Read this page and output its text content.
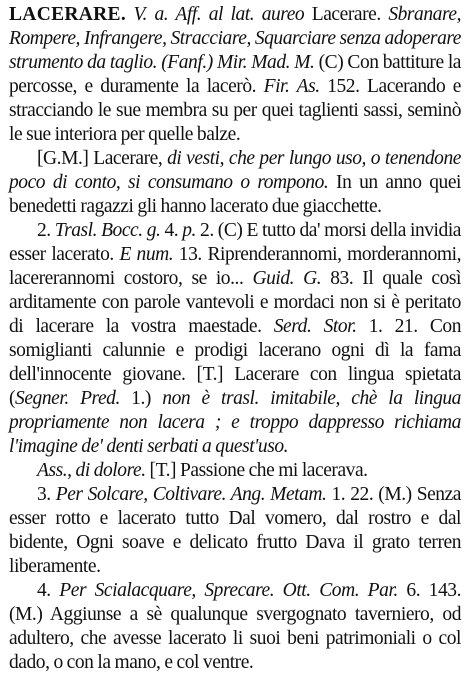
LACERARE. V. a. Aff. al lat. aureo Lacerare. Sbranare, Rompere, Infrangere, Stracciare, Squarciare senza adoperare strumento da taglio. (Fanf.) Mir. Mad. M. (C) Con battiture la percosse, e duramente la lacerò. Fir. As. 152. Lacerando e stracciando le sue membra su per quei taglienti sassi, seminò le sue interiora per quelle balze.

[G.M.] Lacerare, di vesti, che per lungo uso, o tenendone poco di conto, si consumano o rompono. In un anno quei benedetti ragazzi gli hanno lacerato due giacchette.

2. Trasl. Bocc. g. 4. p. 2. (C) E tutto da' morsi della invidia esser lacerato. E num. 13. Riprenderannomi, morderannomi, lacererannomi costoro, se io... Guid. G. 83. Il quale così arditamente con parole vantevoli e mordaci non si è peritato di lacerare la vostra maestade. Serd. Stor. 1. 21. Con somiglianti calunnie e prodigi lacerano ogni dì la fama dell'innocente giovane. [T.] Lacerare con lingua spietata (Segner. Pred. 1.) non è trasl. imitabile, chè la lingua propriamente non lacera ; e troppo dappresso richiama l'imagine de' denti serbati a quest'uso.

Ass., di dolore. [T.] Passione che mi lacerava.

3. Per Solcare, Coltivare. Ang. Metam. 1. 22. (M.) Senza esser rotto e lacerato tutto Dal vomero, dal rostro e dal bidente, Ogni soave e delicato frutto Dava il grato terren liberamente.

4. Per Scialacquare, Sprecare. Ott. Com. Par. 6. 143. (M.) Aggiunse a sè qualunque svergognato taverniero, od adultero, che avesse lacerato li suoi beni patrimoniali o col dado, o con la mano, e col ventre.
